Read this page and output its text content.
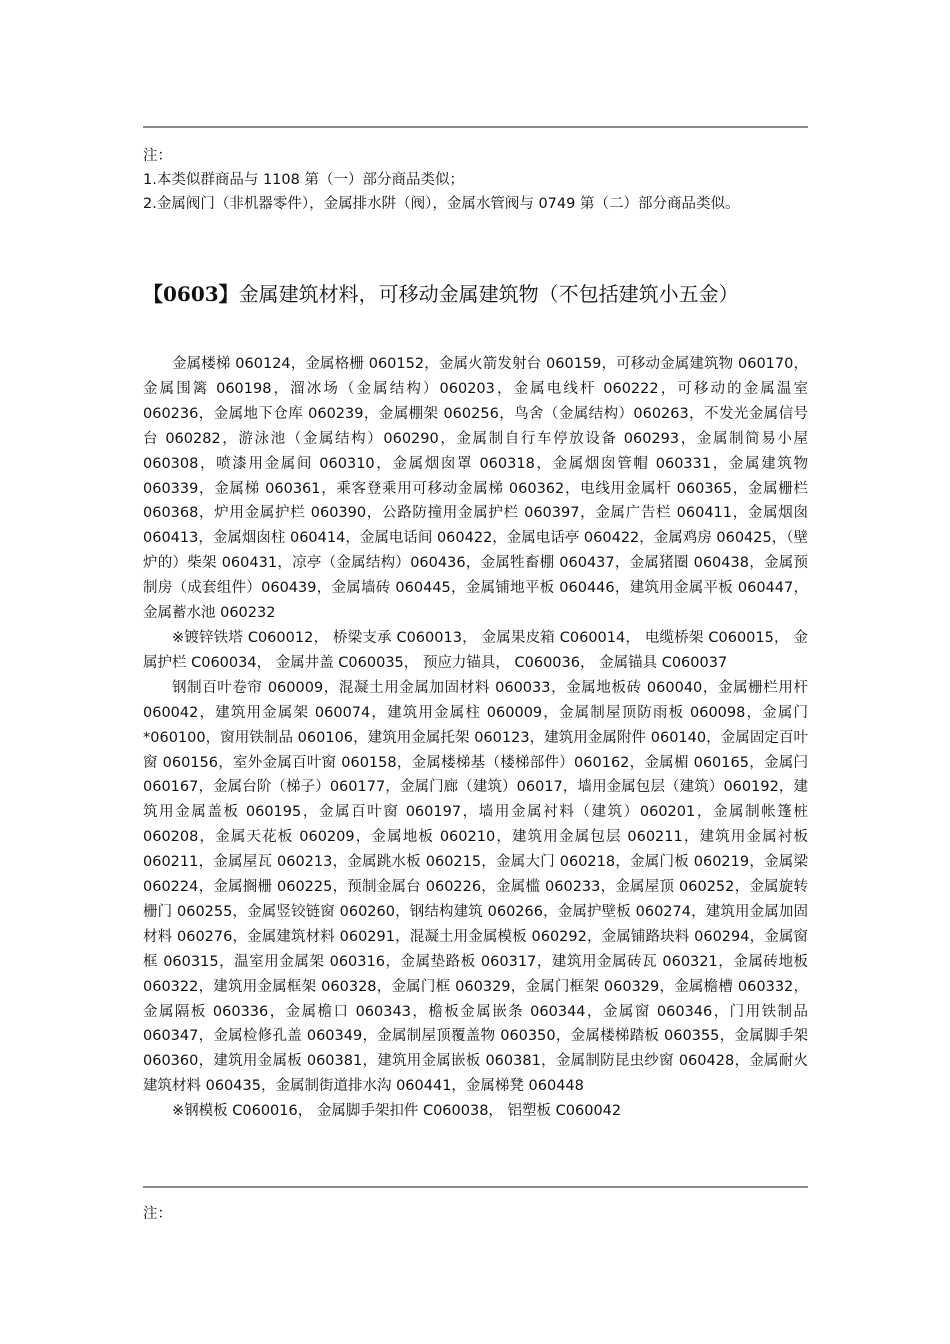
注：

1.本类似群商品与 1108 第（一）部分商品类似；

2.金属阀门（非机器零件），金属排水阱（阀），金属水管阀与 0749 第（二）部分商品类似。

【0603】金属建筑材料，可移动金属建筑物（不包括建筑小五金）

金属楼梯 060124，金属格栅 060152，金属火箭发射台 060159，可移动金属建筑物 060170，金属围篱 060198，溜冰场（金属结构）060203，金属电线杆 060222，可移动的金属温室 060236，金属地下仓库 060239，金属棚架 060256，鸟舍（金属结构）060263，不发光金属信号台 060282，游泳池（金属结构）060290，金属制自行车停放设备 060293，金属制简易小屋 060308，喷漆用金属间 060310，金属烟囱罩 060318，金属烟囱管帽 060331，金属建筑物 060339，金属梯 060361，乘客登乘用可移动金属梯 060362，电线用金属杆 060365，金属栅栏 060368，炉用金属护栏 060390，公路防撞用金属护栏 060397，金属广告栏 060411，金属烟囱 060413，金属烟囱柱 060414，金属电话间 060422，金属电话亭 060422，金属鸡房 060425，（壁炉的）柴架 060431，凉亭（金属结构）060436，金属牲畜棚 060437，金属猪圈 060438，金属预制房（成套组件）060439，金属墙砖 060445，金属铺地平板 060446，建筑用金属平板 060447，金属蓄水池 060232

※镀锌铁塔 C060012， 桥梁支承 C060013， 金属果皮箱 C060014， 电缆桥架 C060015， 金属护栏 C060034， 金属井盖 C060035， 预应力锚具， C060036， 金属锚具 C060037

钢制百叶卷帘 060009，混凝土用金属加固材料 060033，金属地板砖 060040，金属栅栏用杆 060042，建筑用金属架 060074，建筑用金属柱 060009，金属制屋顶防雨板 060098，金属门*060100，窗用铁制品 060106，建筑用金属托架 060123，建筑用金属附件 060140，金属固定百叶窗 060156，室外金属百叶窗 060158，金属楼梯基（楼梯部件）060162，金属楣 060165，金属闩 060167，金属台阶（梯子）060177，金属门廊（建筑）06017，墙用金属包层（建筑）060192，建筑用金属盖板 060195，金属百叶窗 060197，墙用金属衬料（建筑）060201，金属制帐篷桩 060208，金属天花板 060209，金属地板 060210，建筑用金属包层 060211，建筑用金属衬板 060211，金属屋瓦 060213，金属跳水板 060215，金属大门 060218，金属门板 060219，金属梁 060224，金属搁栅 060225，预制金属台 060226，金属槛 060233，金属屋顶 060252，金属旋转栅门 060255，金属竖铰链窗 060260，钢结构建筑 060266，金属护壁板 060274，建筑用金属加固材料 060276，金属建筑材料 060291，混凝土用金属模板 060292，金属铺路块料 060294，金属窗框 060315，温室用金属架 060316，金属垫路板 060317，建筑用金属砖瓦 060321，金属砖地板 060322，建筑用金属框架 060328，金属门框 060329，金属门框架 060329，金属檐槽 060332，金属隔板 060336，金属檐口 060343，檐板金属嵌条 060344，金属窗 060346，门用铁制品 060347，金属检修孔盖 060349，金属制屋顶覆盖物 060350，金属楼梯踏板 060355，金属脚手架 060360，建筑用金属板 060381，建筑用金属嵌板 060381，金属制防昆虫纱窗 060428，金属耐火建筑材料 060435，金属制街道排水沟 060441，金属梯凳 060448

※钢模板 C060016， 金属脚手架扣件 C060038， 铝塑板 C060042

注：
